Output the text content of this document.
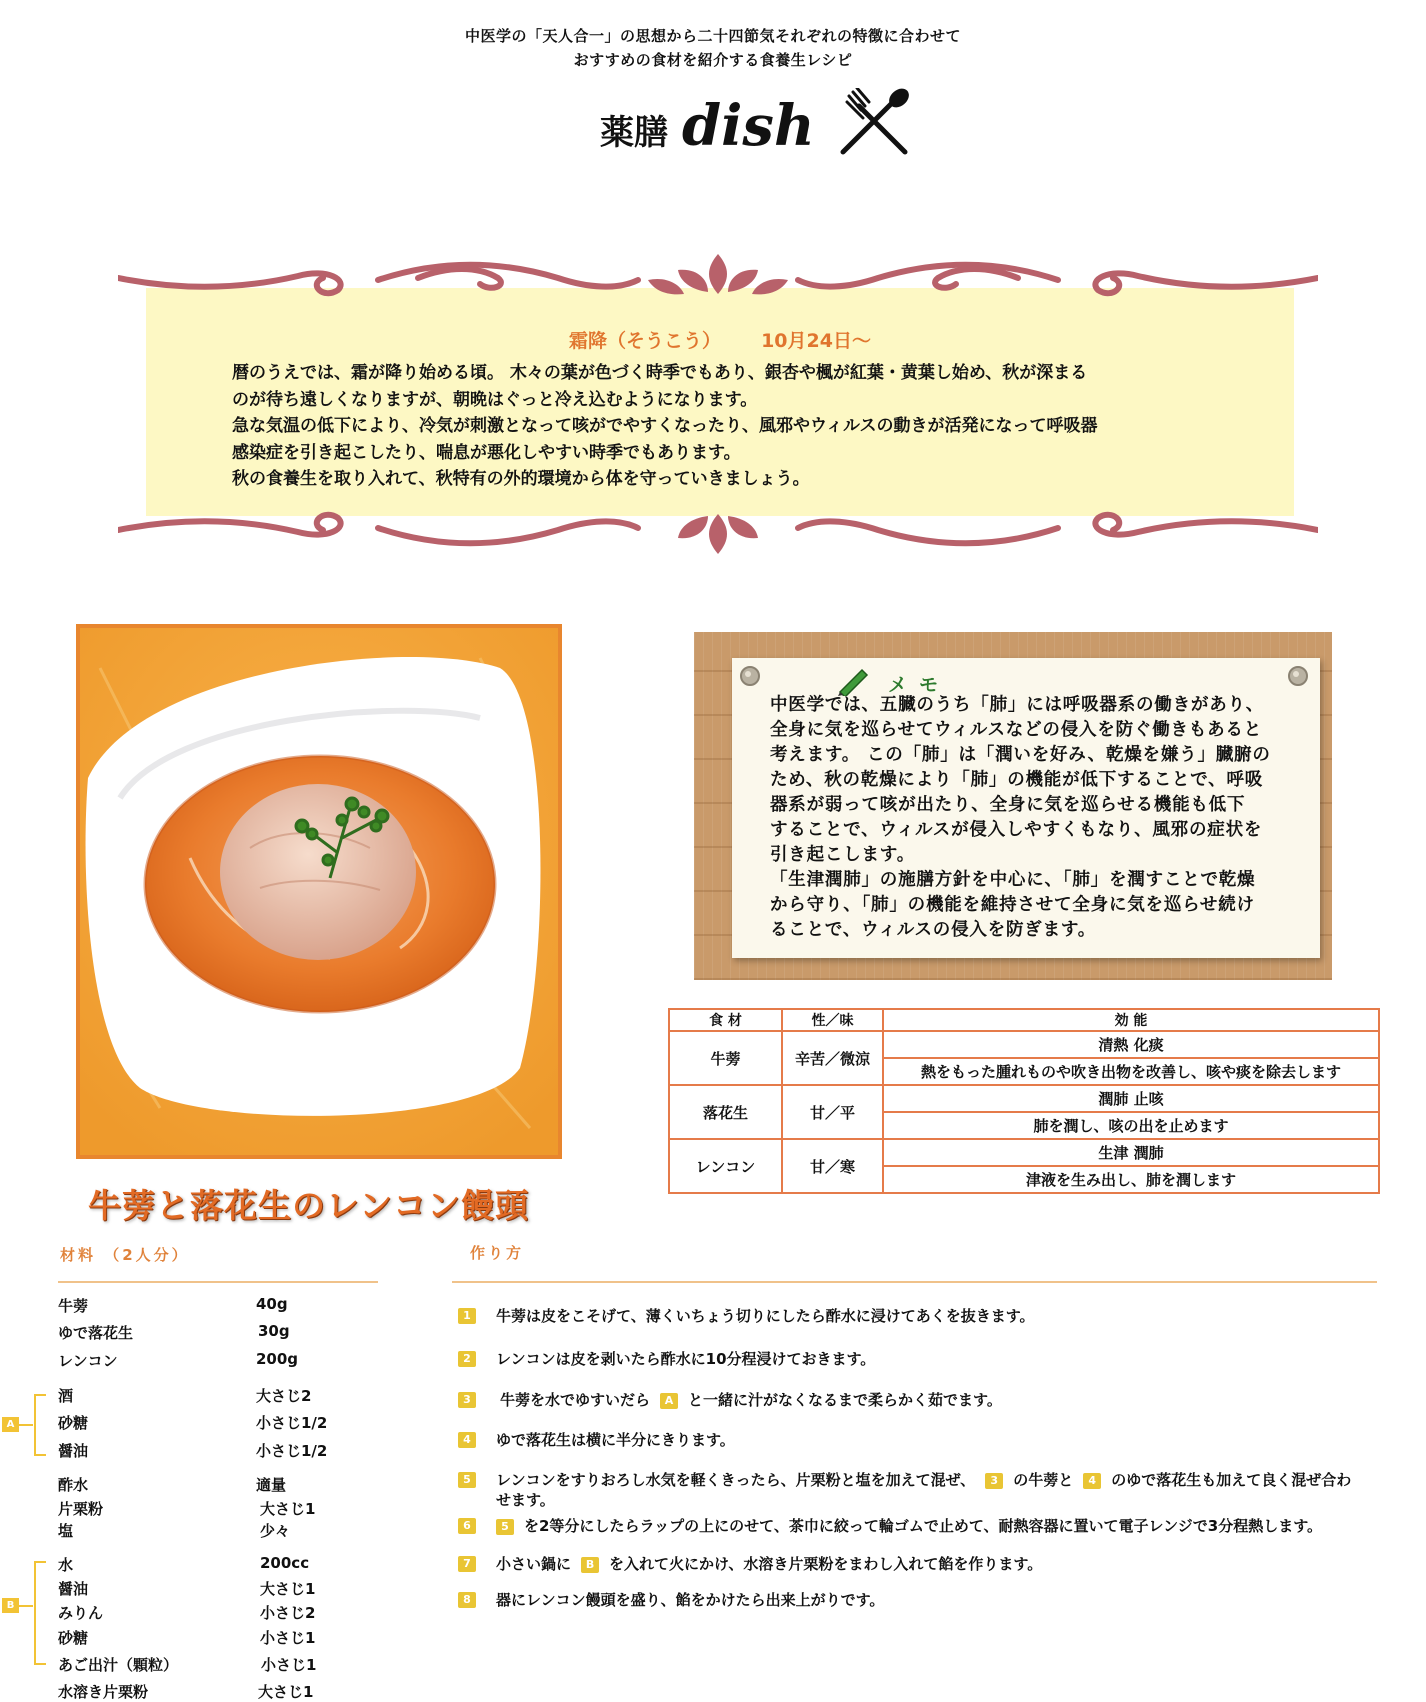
中医学の「天人合一」の思想から二十四節気それぞれの特徴に合わせて
おすすめの食材を紹介する食養生レシピ
薬膳 dish
霜降（そうこう） 10月24日～

暦のうえでは、霜が降り始める頃。 木々の葉が色づく時季でもあり、銀杏や楓が紅葉・黄葉し始め、秋が深まる

のが待ち遠しくなりますが、朝晩はぐっと冷え込むようになります。

急な気温の低下により、冷気が刺激となって咳がでやすくなったり、風邪やウィルスの動きが活発になって呼吸器

感染症を引き起こしたり、喘息が悪化しやすい時季でもあります。

秋の食養生を取り入れて、秋特有の外的環境から体を守っていきましょう。

牛蒡と落花生のレンコン饅頭
メモ

中医学では、五臓のうち「肺」には呼吸器系の働きがあり、

全身に気を巡らせてウィルスなどの侵入を防ぐ働きもあると

考えます。 この「肺」は「潤いを好み、乾燥を嫌う」臓腑の

ため、秋の乾燥により「肺」の機能が低下することで、呼吸

器系が弱って咳が出たり、全身に気を巡らせる機能も低下

することで、ウィルスが侵入しやすくもなり、風邪の症状を

引き起こします。

「生津潤肺」の施膳方針を中心に、「肺」を潤すことで乾燥

から守り、「肺」の機能を維持させて全身に気を巡らせ続け

ることで、ウィルスの侵入を防ぎます。

食 材	性／味	効 能
牛蒡	辛苦／微涼	清熱 化痰
		熱をもった腫れものや吹き出物を改善し、咳や痰を除去します
落花生	甘／平	潤肺 止咳
		肺を潤し、咳の出を止めます
レンコン	甘／寒	生津 潤肺
		津液を生み出し、肺を潤します
材料 （2人分）
牛蒡	40g
ゆで落花生	30g
レンコン	200g
A
酒	大さじ2
砂糖	小さじ1/2
醤油	小さじ1/2
酢水	適量
片栗粉	大さじ1
塩	少々
B
水	200cc
醤油	大さじ1
みりん	小さじ2
砂糖	小さじ1
あご出汁（顆粒）	小さじ1
水溶き片栗粉	大さじ1
作り方
1	牛蒡は皮をこそげて、薄くいちょう切りにしたら酢水に浸けてあくを抜きます。
2	レンコンは皮を剥いたら酢水に10分程浸けておきます。
3	牛蒡を水でゆすいだら A と一緒に汁がなくなるまで柔らかく茹でます。
4	ゆで落花生は横に半分にきります。
5	レンコンをすりおろし水気を軽くきったら、片栗粉と塩を加えて混ぜ、 3 の牛蒡と 4 のゆで落花生も加えて良く混ぜ合わ
せます。
6	5 を2等分にしたらラップの上にのせて、茶巾に絞って輪ゴムで止めて、耐熱容器に置いて電子レンジで3分程熱します。
7	小さい鍋に B を入れて火にかけ、水溶き片栗粉をまわし入れて餡を作ります。
8	器にレンコン饅頭を盛り、餡をかけたら出来上がりです。
